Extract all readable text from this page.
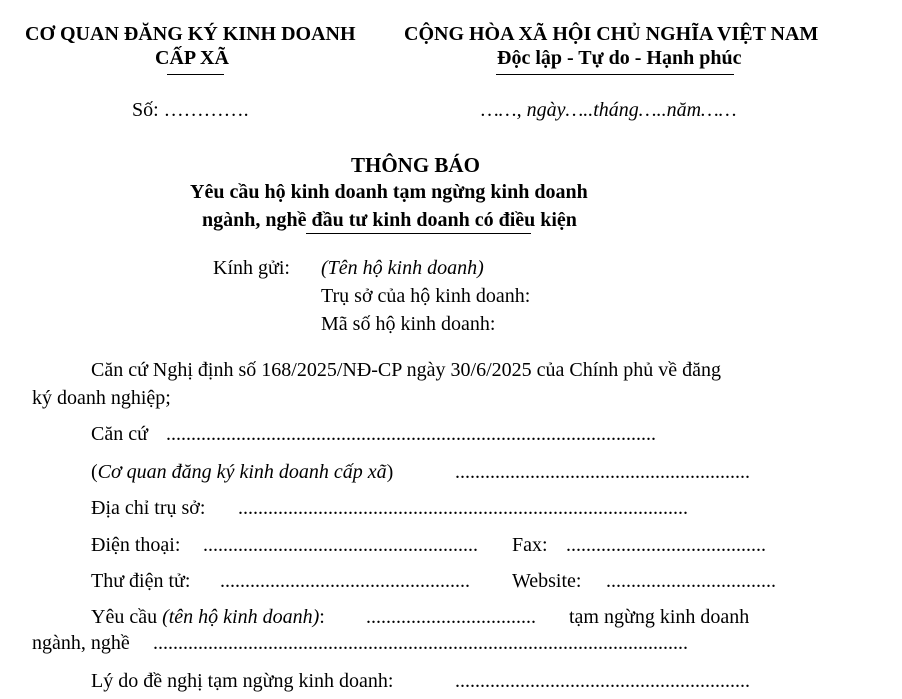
CƠ QUAN ĐĂNG KÝ KINH DOANH
CẤP XÃ
Số: ………….
CỘNG HÒA XÃ HỘI CHỦ NGHĨA VIỆT NAM
Độc lập - Tự do - Hạnh phúc
……, ngày…..tháng…..năm……
THÔNG BÁO
Yêu cầu hộ kinh doanh tạm ngừng kinh doanh
ngành, nghề đầu tư kinh doanh có điều kiện
Kính gửi: (Tên hộ kinh doanh)
Trụ sở của hộ kinh doanh:
Mã số hộ kinh doanh:
Căn cứ Nghị định số 168/2025/NĐ-CP ngày 30/6/2025 của Chính phủ về đăng
ký doanh nghiệp;
Căn cứ ..................................................................................................
(Cơ quan đăng ký kinh doanh cấp xã)	...........................................................
Địa chỉ trụ sở: ..........................................................................................
Điện thoại: .......................................................	Fax: ........................................
Thư điện tử: ..................................................	Website: ..................................
Yêu cầu (tên hộ kinh doanh): ..................................	tạm ngừng kinh doanh
ngành, nghề ...........................................................................................................
Lý do đề nghị tạm ngừng kinh doanh:	...........................................................
